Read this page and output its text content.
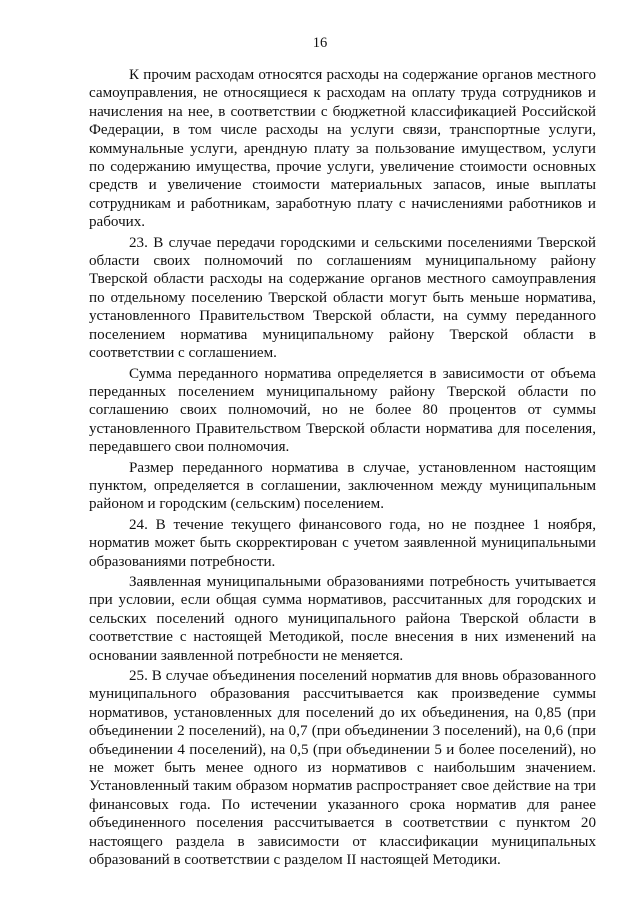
16

К прочим расходам относятся расходы на содержание органов местного самоуправления, не относящиеся к расходам на оплату труда сотрудников и начисления на нее, в соответствии с бюджетной классификацией Российской Федерации, в том числе расходы на услуги связи, транспортные услуги, коммунальные услуги, арендную плату за пользование имуществом, услуги по содержанию имущества, прочие услуги, увеличение стоимости основных средств и увеличение стоимости материальных запасов, иные выплаты сотрудникам и работникам, заработную плату с начислениями работников и рабочих.

23. В случае передачи городскими и сельскими поселениями Тверской области своих полномочий по соглашениям муниципальному району Тверской области расходы на содержание органов местного самоуправления по отдельному поселению Тверской области могут быть меньше норматива, установленного Правительством Тверской области, на сумму переданного поселением норматива муниципальному району Тверской области в соответствии с соглашением.

Сумма переданного норматива определяется в зависимости от объема переданных поселением муниципальному району Тверской области по соглашению своих полномочий, но не более 80 процентов от суммы установленного Правительством Тверской области норматива для поселения, передавшего свои полномочия.

Размер переданного норматива в случае, установленном настоящим пунктом, определяется в соглашении, заключенном между муниципальным районом и городским (сельским) поселением.

24. В течение текущего финансового года, но не позднее 1 ноября, норматив может быть скорректирован с учетом заявленной муниципальными образованиями потребности.

Заявленная муниципальными образованиями потребность учитывается при условии, если общая сумма нормативов, рассчитанных для городских и сельских поселений одного муниципального района Тверской области в соответствие с настоящей Методикой, после внесения в них изменений на основании заявленной потребности не меняется.

25. В случае объединения поселений норматив для вновь образованного муниципального образования рассчитывается как произведение суммы нормативов, установленных для поселений до их объединения, на 0,85 (при объединении 2 поселений), на 0,7 (при объединении 3 поселений), на 0,6 (при объединении 4 поселений), на 0,5 (при объединении 5 и более поселений), но не может быть менее одного из нормативов с наибольшим значением. Установленный таким образом норматив распространяет свое действие на три финансовых года. По истечении указанного срока норматив для ранее объединенного поселения рассчитывается в соответствии с пунктом 20 настоящего раздела в зависимости от классификации муниципальных образований в соответствии с разделом II настоящей Методики.
